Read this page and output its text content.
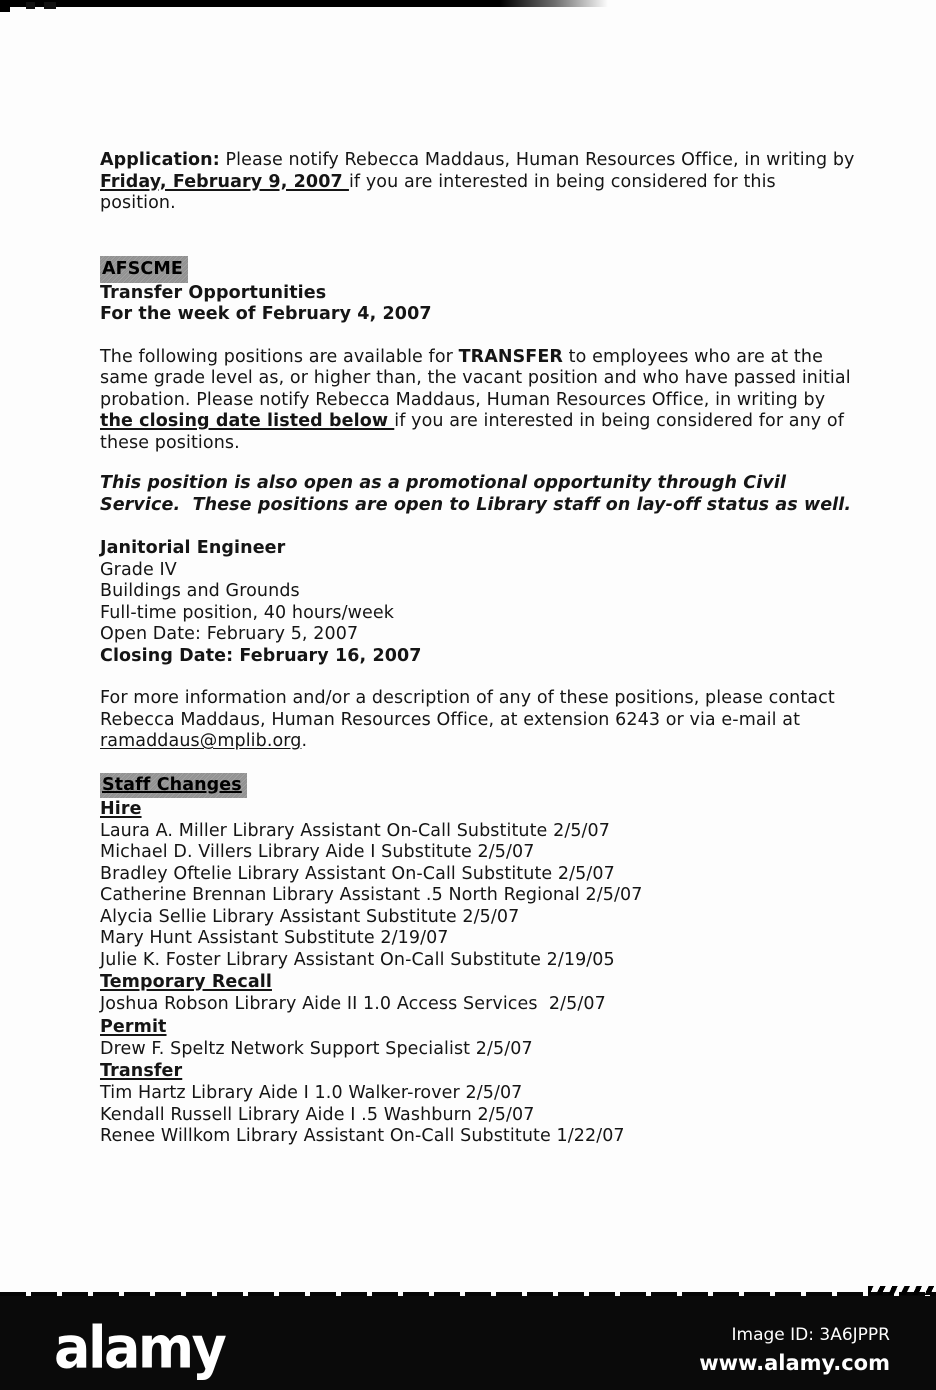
Application: Please notify Rebecca Maddaus, Human Resources Office, in writing by Friday, February 9, 2007 if you are interested in being considered for this position.

AFSCME
Transfer Opportunities
For the week of February 4, 2007

The following positions are available for TRANSFER to employees who are at the same grade level as, or higher than, the vacant position and who have passed initial probation. Please notify Rebecca Maddaus, Human Resources Office, in writing by the closing date listed below if you are interested in being considered for any of these positions.

This position is also open as a promotional opportunity through Civil Service.  These positions are open to Library staff on lay-off status as well.

Janitorial Engineer
Grade IV
Buildings and Grounds
Full-time position, 40 hours/week
Open Date: February 5, 2007
Closing Date: February 16, 2007

For more information and/or a description of any of these positions, please contact Rebecca Maddaus, Human Resources Office, at extension 6243 or via e-mail at ramaddaus@mplib.org.

Staff Changes
Hire
Laura A. Miller Library Assistant On-Call Substitute 2/5/07
Michael D. Villers Library Aide I Substitute 2/5/07
Bradley Oftelie Library Assistant On-Call Substitute 2/5/07
Catherine Brennan Library Assistant .5 North Regional 2/5/07
Alycia Sellie Library Assistant Substitute 2/5/07
Mary Hunt Assistant Substitute 2/19/07
Julie K. Foster Library Assistant On-Call Substitute 2/19/05
Temporary Recall
Joshua Robson Library Aide II 1.0 Access Services  2/5/07
Permit
Drew F. Speltz Network Support Specialist 2/5/07
Transfer
Tim Hartz Library Aide I 1.0 Walker-rover 2/5/07
Kendall Russell Library Aide I .5 Washburn 2/5/07
Renee Willkom Library Assistant On-Call Substitute 1/22/07
alamy	Image ID: 3A6JPPR
www.alamy.com
